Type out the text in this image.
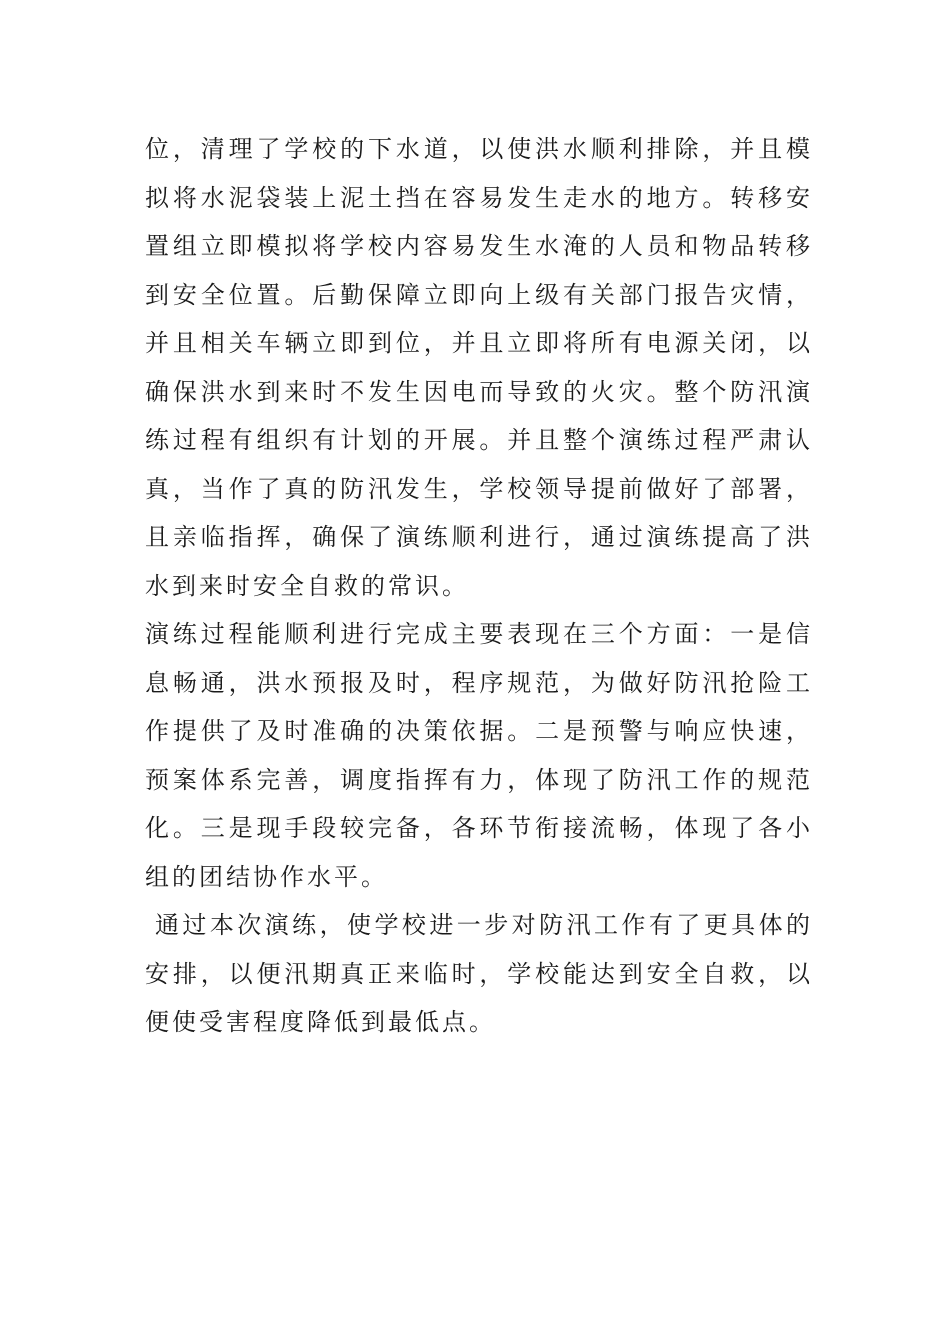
位，清理了学校的下水道，以使洪水顺利排除，并且模拟将水泥袋装上泥土挡在容易发生走水的地方。转移安置组立即模拟将学校内容易发生水淹的人员和物品转移到安全位置。后勤保障立即向上级有关部门报告灾情，并且相关车辆立即到位，并且立即将所有电源关闭，以确保洪水到来时不发生因电而导致的火灾。整个防汛演练过程有组织有计划的开展。并且整个演练过程严肃认真，当作了真的防汛发生，学校领导提前做好了部署，且亲临指挥，确保了演练顺利进行，通过演练提高了洪水到来时安全自救的常识。

演练过程能顺利进行完成主要表现在三个方面：一是信息畅通，洪水预报及时，程序规范，为做好防汛抢险工作提供了及时准确的决策依据。二是预警与响应快速，预案体系完善，调度指挥有力，体现了防汛工作的规范化。三是现手段较完备，各环节衔接流畅，体现了各小组的团结协作水平。

通过本次演练，使学校进一步对防汛工作有了更具体的安排，以便汛期真正来临时，学校能达到安全自救，以便使受害程度降低到最低点。
